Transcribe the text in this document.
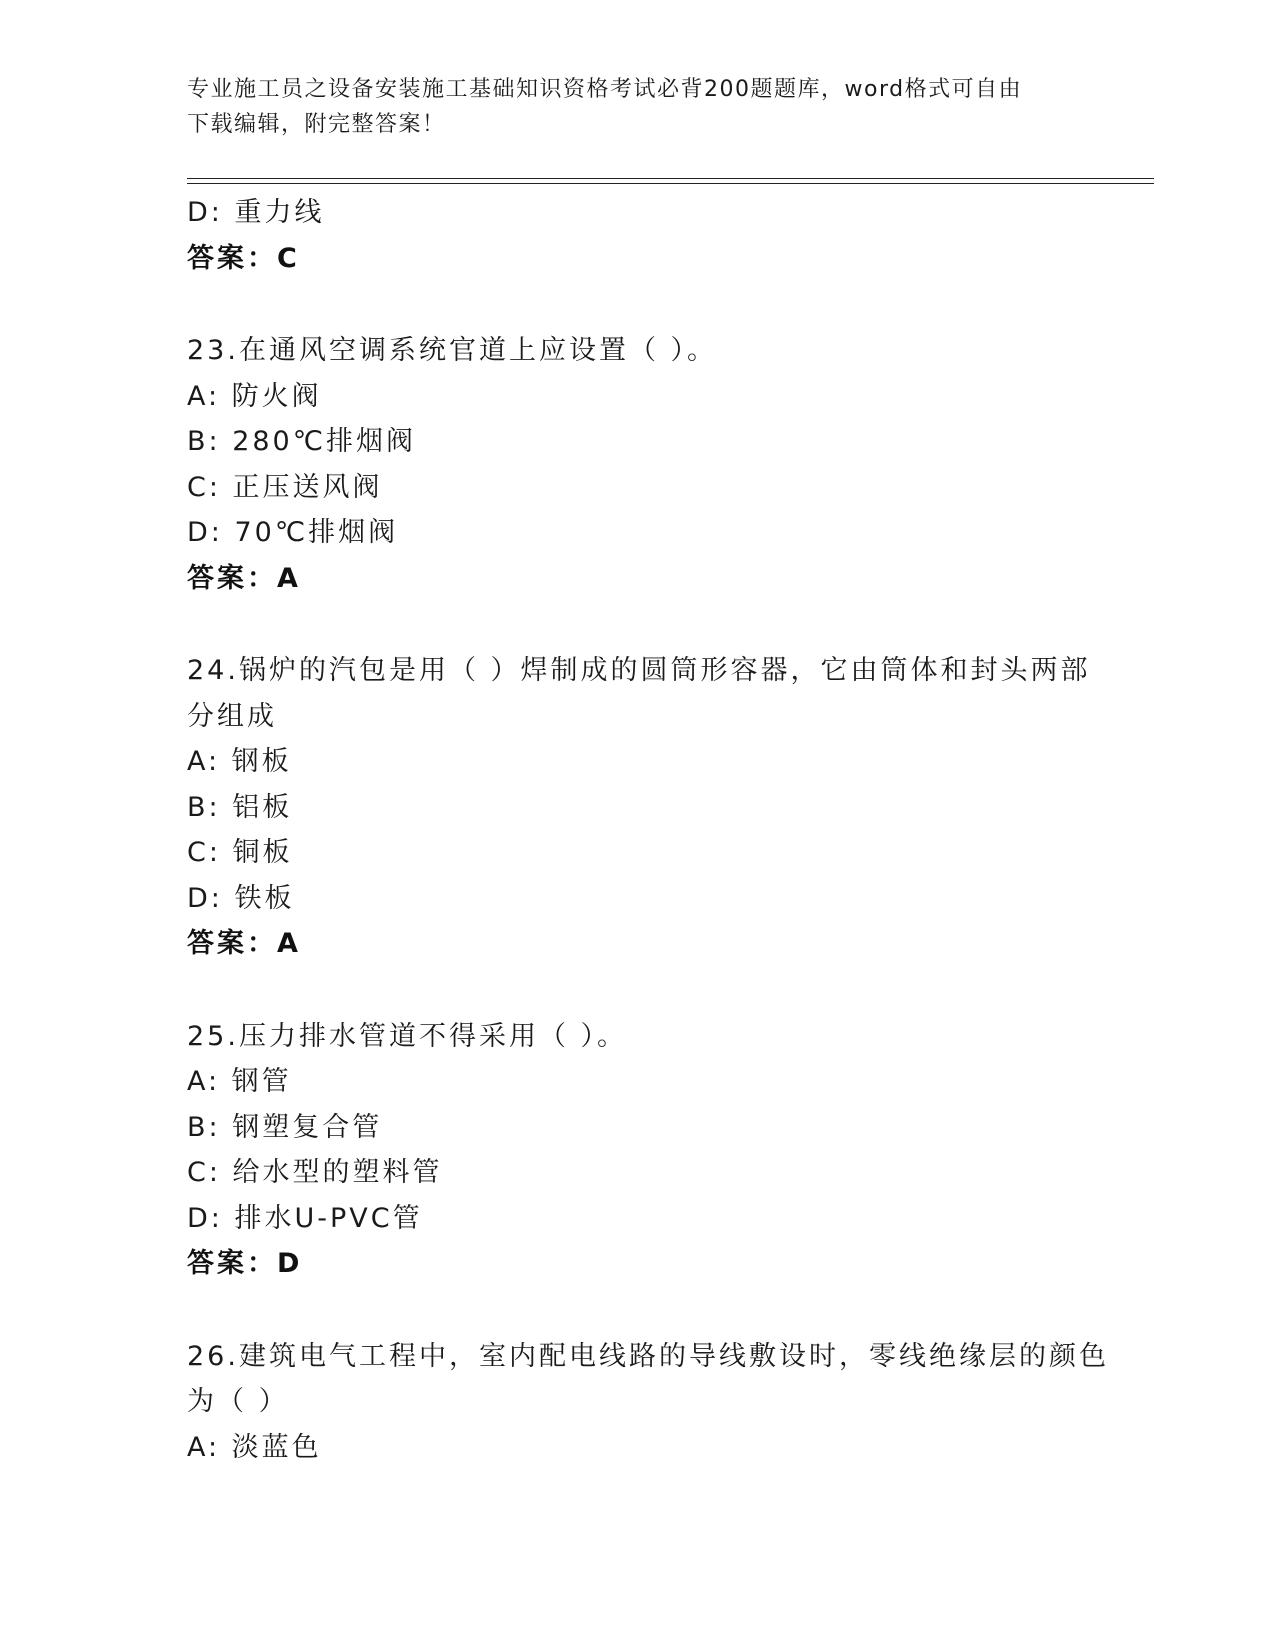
专业施工员之设备安装施工基础知识资格考试必背200题题库，word格式可自由
下载编辑，附完整答案！
D: 重力线
答案：C
23.在通风空调系统官道上应设置（ ）。
A: 防火阀
B: 280℃排烟阀
C: 正压送风阀
D: 70℃排烟阀
答案：A
24.锅炉的汽包是用（ ）焊制成的圆筒形容器，它由筒体和封头两部
分组成
A: 钢板
B: 铝板
C: 铜板
D: 铁板
答案：A
25.压力排水管道不得采用（ ）。
A: 钢管
B: 钢塑复合管
C: 给水型的塑料管
D: 排水U-PVC管
答案：D
26.建筑电气工程中，室内配电线路的导线敷设时，零线绝缘层的颜色
为（ ）
A: 淡蓝色
